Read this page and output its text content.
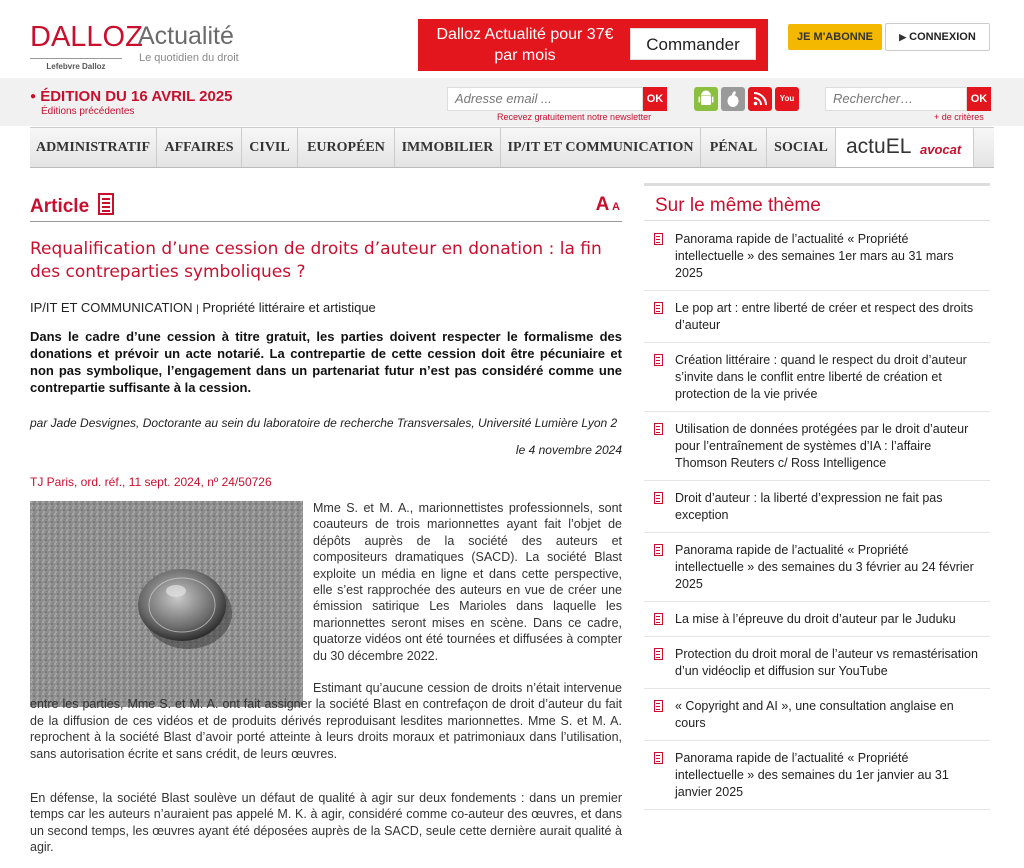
DALLOZ
Lefebvre Dalloz
Actualité
Le quotidien du droit
Dalloz Actualité pour 37€ par mois
Commander	JE M'ABONNE	▶ CONNEXION
● ÉDITION DU 16 AVRIL 2025
Éditions précédentes
Adresse email ...	OK
Recevez gratuitement notre newsletter
You	Rechercher…	OK
+ de critères
ADMINISTRATIF	AFFAIRES	CIVIL	EUROPÉEN	IMMOBILIER	IP/IT ET COMMUNICATION	PÉNAL	SOCIAL actuEL avocat
Article	A A
Requalification d’une cession de droits d’auteur en donation : la fin des contreparties symboliques ?
IP/IT ET COMMUNICATION | Propriété littéraire et artistique
Dans le cadre d’une cession à titre gratuit, les parties doivent respecter le formalisme des donations et prévoir un acte notarié. La contrepartie de cette cession doit être pécuniaire et non pas symbolique, l’engagement dans un partenariat futur n’est pas considéré comme une contrepartie suffisante à la cession.
par Jade Desvignes, Doctorante au sein du laboratoire de recherche Transversales, Université Lumière Lyon 2
le 4 novembre 2024
TJ Paris, ord. réf., 11 sept. 2024, nº 24/50726
Mme S. et M. A., marionnettistes professionnels, sont coauteurs de trois marionnettes ayant fait l’objet de dépôts auprès de la société des auteurs et compositeurs dramatiques (SACD). La société Blast exploite un média en ligne et dans cette perspective, elle s’est rapprochée des auteurs en vue de créer une émission satirique Les Marioles dans laquelle les marionnettes seront mises en scène. Dans ce cadre, quatorze vidéos ont été tournées et diffusées à compter du 30 décembre 2022.
Estimant qu’aucune cession de droits n’était intervenue entre les parties, Mme S. et M. A. ont fait assigner la société Blast en contrefaçon de droit d’auteur du fait de la diffusion de ces vidéos et de produits dérivés reproduisant lesdites marionnettes. Mme S. et M. A. reprochent à la société Blast d’avoir porté atteinte à leurs droits moraux et patrimoniaux dans l’utilisation, sans autorisation écrite et sans crédit, de leurs œuvres.
En défense, la société Blast soulève un défaut de qualité à agir sur deux fondements : dans un premier temps car les auteurs n’auraient pas appelé M. K. à agir, considéré comme co-auteur des œuvres, et dans un second temps, les œuvres ayant été déposées auprès de la SACD, seule cette dernière aurait qualité à agir.
Sur le même thème
Panorama rapide de l’actualité « Propriété intellectuelle » des semaines 1er mars au 31 mars 2025
Le pop art : entre liberté de créer et respect des droits d’auteur
Création littéraire : quand le respect du droit d’auteur s’invite dans le conflit entre liberté de création et protection de la vie privée
Utilisation de données protégées par le droit d’auteur pour l’entraînement de systèmes d’IA : l’affaire Thomson Reuters c/ Ross Intelligence
Droit d’auteur : la liberté d’expression ne fait pas exception
Panorama rapide de l’actualité « Propriété intellectuelle » des semaines du 3 février au 24 février 2025
La mise à l’épreuve du droit d’auteur par le Juduku
Protection du droit moral de l’auteur vs remastérisation d’un vidéoclip et diffusion sur YouTube
« Copyright and AI », une consultation anglaise en cours
Panorama rapide de l’actualité « Propriété intellectuelle » des semaines du 1er janvier au 31 janvier 2025
